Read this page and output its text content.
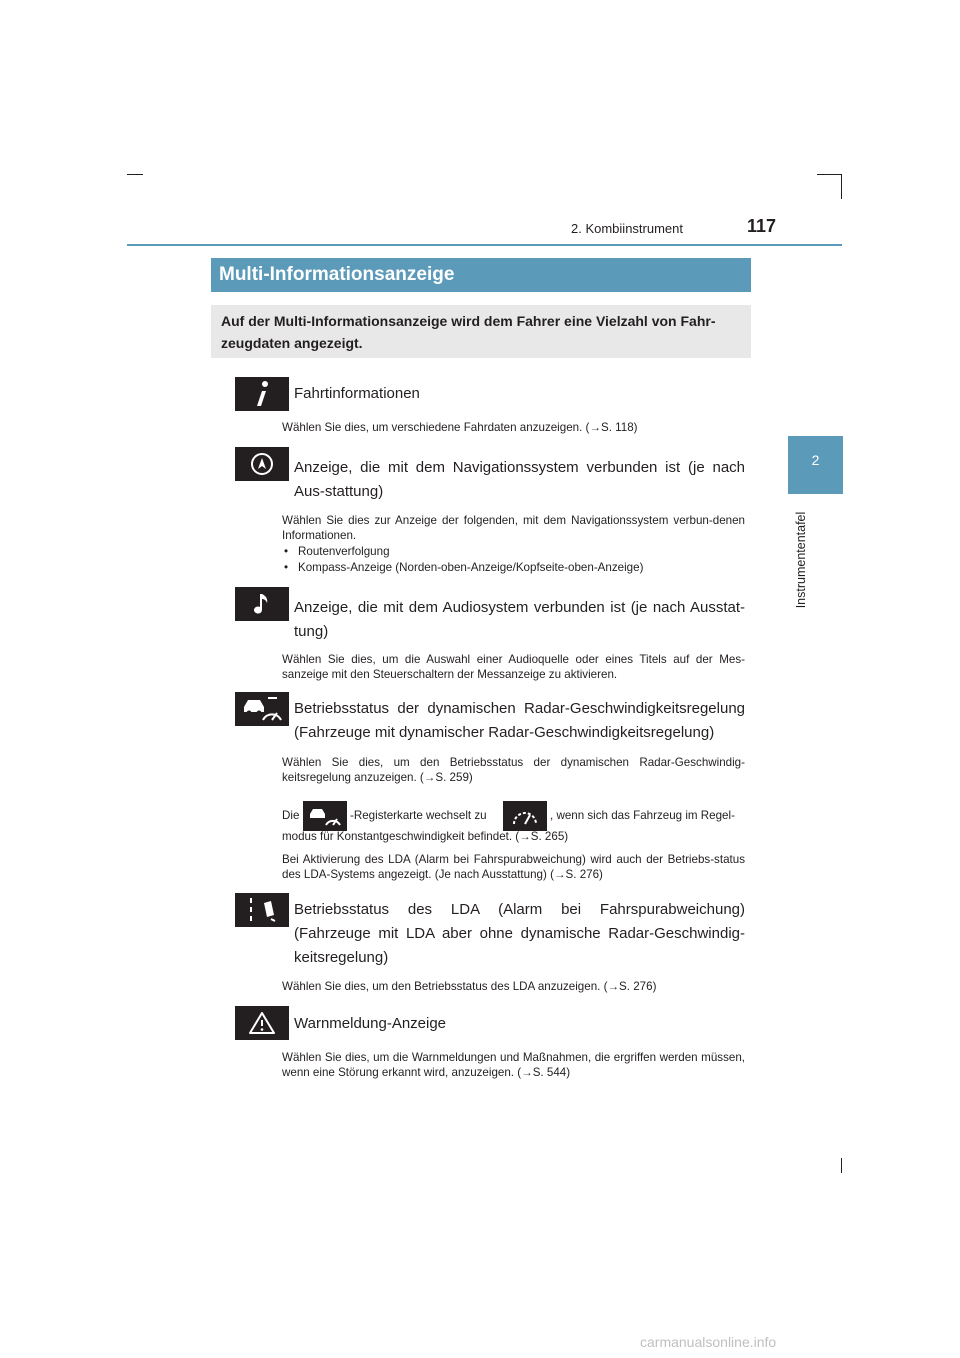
2. Kombiinstrument	117
2
Instrumententafel
Multi-Informationsanzeige
Auf der Multi-Informationsanzeige wird dem Fahrer eine Vielzahl von Fahr-zeugdaten angezeigt.
Fahrtinformationen
Wählen Sie dies, um verschiedene Fahrdaten anzuzeigen. (→S. 118)
Anzeige, die mit dem Navigationssystem verbunden ist (je nach Aus-stattung)
Wählen Sie dies zur Anzeige der folgenden, mit dem Navigationssystem verbun-denen Informationen.
• Routenverfolgung
• Kompass-Anzeige (Norden-oben-Anzeige/Kopfseite-oben-Anzeige)
Anzeige, die mit dem Audiosystem verbunden ist (je nach Ausstat-tung)
Wählen Sie dies, um die Auswahl einer Audioquelle oder eines Titels auf der Mes-sanzeige mit den Steuerschaltern der Messanzeige zu aktivieren.
Betriebsstatus der dynamischen Radar-Geschwindigkeitsregelung (Fahrzeuge mit dynamischer Radar-Geschwindigkeitsregelung)
Wählen Sie dies, um den Betriebsstatus der dynamischen Radar-Geschwindig-keitsregelung anzuzeigen. (→S. 259)
Die	-Registerkarte wechselt zu	, wenn sich das Fahrzeug im Regel-
modus für Konstantgeschwindigkeit befindet. (→S. 265)
Bei Aktivierung des LDA (Alarm bei Fahrspurabweichung) wird auch der Betriebs-status des LDA-Systems angezeigt. (Je nach Ausstattung) (→S. 276)
Betriebsstatus des LDA (Alarm bei Fahrspurabweichung) (Fahrzeuge mit LDA aber ohne dynamische Radar-Geschwindig-keitsregelung)
Wählen Sie dies, um den Betriebsstatus des LDA anzuzeigen. (→S. 276)
Warnmeldung-Anzeige
Wählen Sie dies, um die Warnmeldungen und Maßnahmen, die ergriffen werden müssen, wenn eine Störung erkannt wird, anzuzeigen. (→S. 544)
carmanualsonline.info
